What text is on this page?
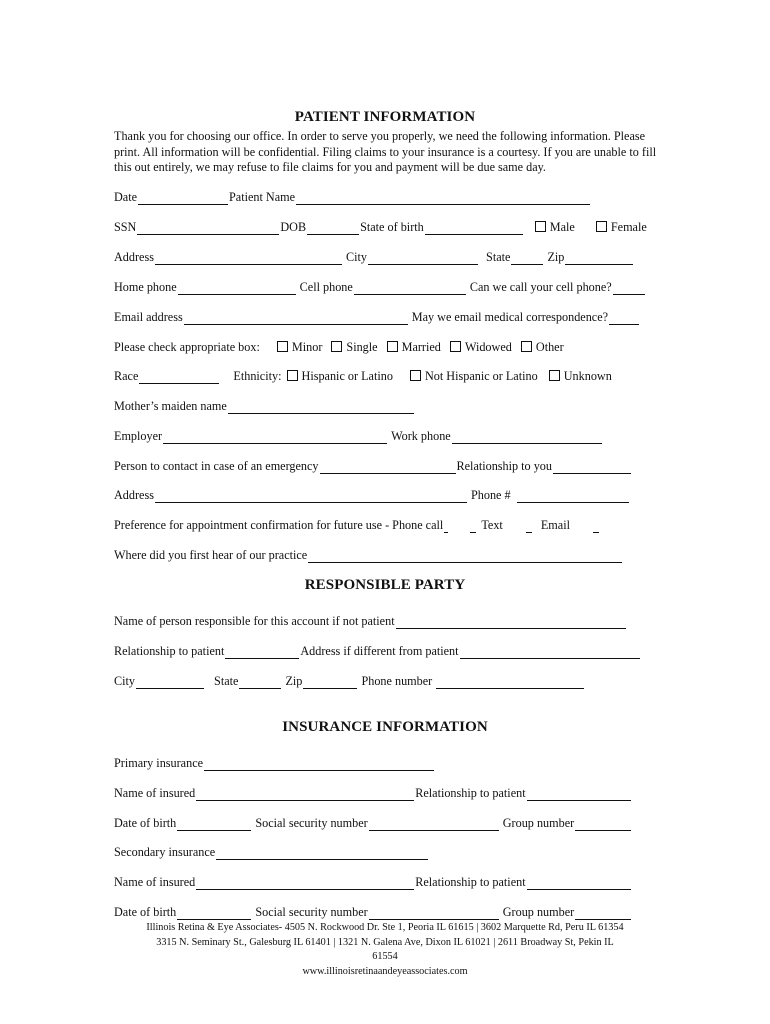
PATIENT INFORMATION

Thank you for choosing our office. In order to serve you properly, we need the following information. Please print. All information will be confidential. Filing claims to your insurance is a courtesy. If you are unable to fill this out entirely, we may refuse to file claims for you and payment will be due same day.

Date	Patient Name
SSN	DOB	State of birth	Male	Female
Address	City	State	Zip
Home phone	Cell phone	Can we call your cell phone?
Email address	May we email medical correspondence?
Please check appropriate box:	Minor Single Married Widowed Other
Race	Ethnicity: Hispanic or Latino	Not Hispanic or Latino Unknown
Mother’s maiden name
Employer	Work phone
Person to contact in case of an emergency	Relationship to you
Address	Phone #
Preference for appointment confirmation for future use - Phone call	Text	Email
Where did you first hear of our practice
RESPONSIBLE PARTY
Name of person responsible for this account if not patient
Relationship to patient	Address if different from patient
City	State	Zip	Phone number
INSURANCE INFORMATION
Primary insurance
Name of insured	Relationship to patient
Date of birth	Social security number	Group number
Secondary insurance
Name of insured	Relationship to patient
Date of birth	Social security number	Group number
Illinois Retina & Eye Associates- 4505 N. Rockwood Dr. Ste 1, Peoria IL 61615 | 3602 Marquette Rd, Peru IL 61354
3315 N. Seminary St., Galesburg IL 61401 | 1321 N. Galena Ave, Dixon IL 61021 | 2611 Broadway St, Pekin IL
61554
www.illinoisretinaandeyeassociates.com
